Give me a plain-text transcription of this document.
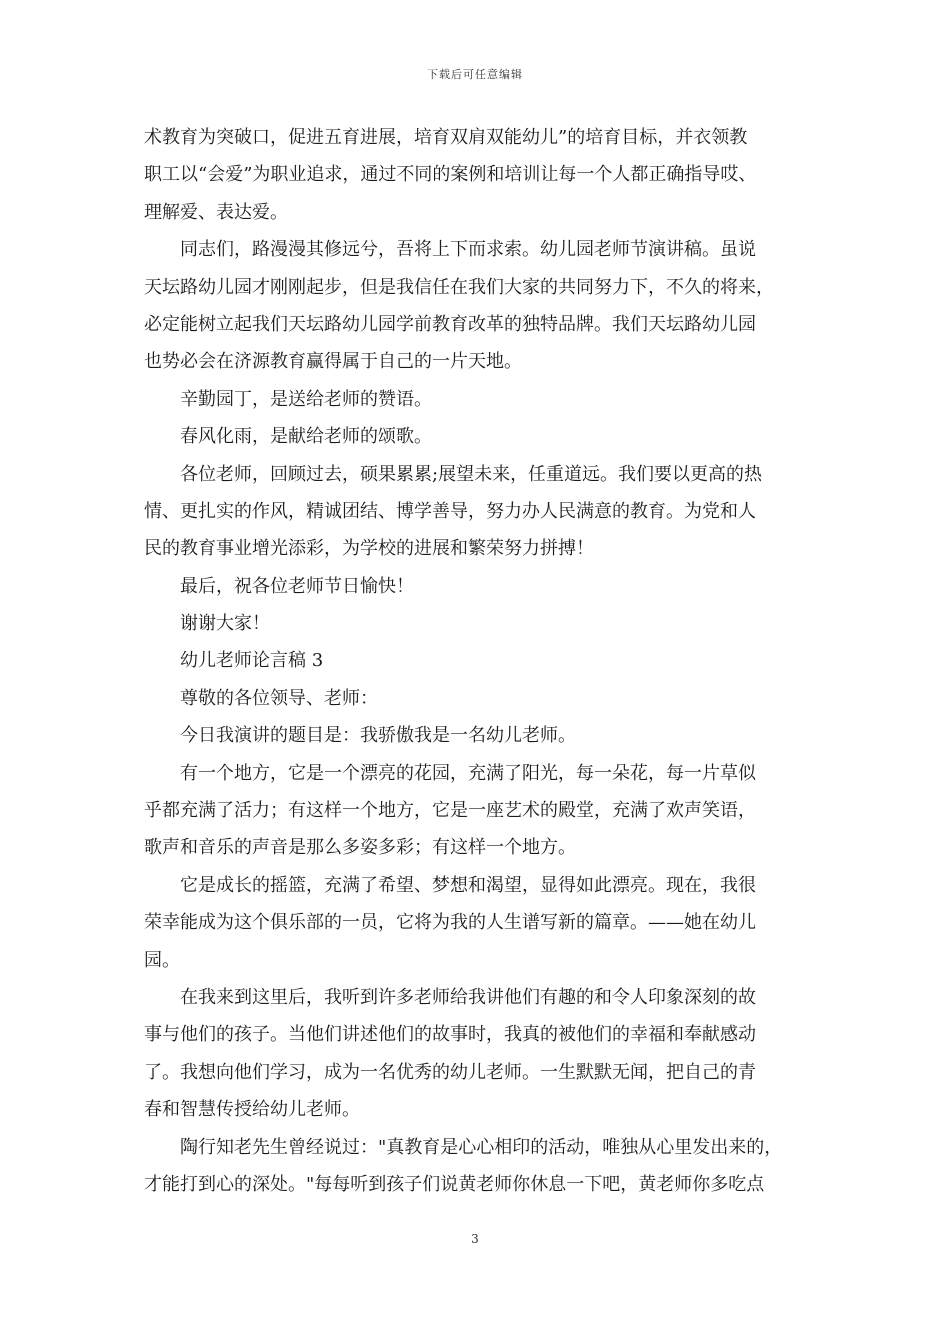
下载后可任意编辑
术教育为突破口，促进五育进展，培育双肩双能幼儿”的培育目标，并衣领教
职工以“会爱”为职业追求，通过不同的案例和培训让每一个人都正确指导哎、
理解爱、表达爱。
同志们，路漫漫其修远兮，吾将上下而求索。幼儿园老师节演讲稿。虽说
天坛路幼儿园才刚刚起步，但是我信任在我们大家的共同努力下，不久的将来，
必定能树立起我们天坛路幼儿园学前教育改革的独特品牌。我们天坛路幼儿园
也势必会在济源教育赢得属于自己的一片天地。
辛勤园丁，是送给老师的赞语。
春风化雨，是献给老师的颂歌。
各位老师，回顾过去，硕果累累;展望未来，任重道远。我们要以更高的热
情、更扎实的作风，精诚团结、博学善导，努力办人民满意的教育。为党和人
民的教育事业增光添彩，为学校的进展和繁荣努力拼搏！
最后，祝各位老师节日愉快！
谢谢大家！
幼儿老师论言稿 3
尊敬的各位领导、老师：
今日我演讲的题目是：我骄傲我是一名幼儿老师。
有一个地方，它是一个漂亮的花园，充满了阳光，每一朵花，每一片草似
乎都充满了活力；有这样一个地方，它是一座艺术的殿堂，充满了欢声笑语，
歌声和音乐的声音是那么多姿多彩；有这样一个地方。
它是成长的摇篮，充满了希望、梦想和渴望，显得如此漂亮。现在，我很
荣幸能成为这个俱乐部的一员，它将为我的人生谱写新的篇章。——她在幼儿
园。
在我来到这里后，我听到许多老师给我讲他们有趣的和令人印象深刻的故
事与他们的孩子。当他们讲述他们的故事时，我真的被他们的幸福和奉献感动
了。我想向他们学习，成为一名优秀的幼儿老师。一生默默无闻，把自己的青
春和智慧传授给幼儿老师。
陶行知老先生曾经说过："真教育是心心相印的活动，唯独从心里发出来的，
才能打到心的深处。"每每听到孩子们说黄老师你休息一下吧，黄老师你多吃点
3
